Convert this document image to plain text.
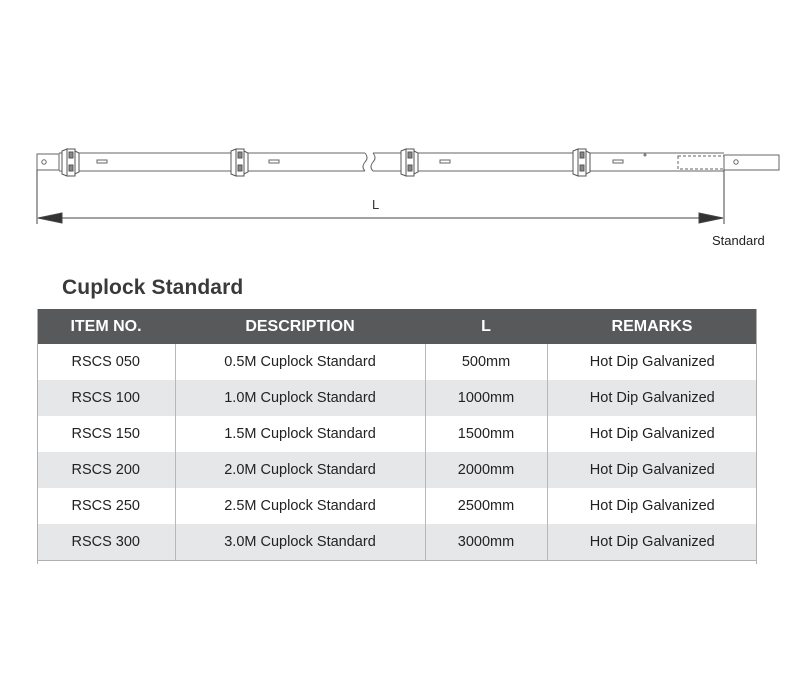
L
Standard
Cuplock Standard
ITEM NO.	DESCRIPTION	L	REMARKS
RSCS 050	0.5M Cuplock Standard	500mm	Hot Dip Galvanized
RSCS 100	1.0M Cuplock Standard	1000mm	Hot Dip Galvanized
RSCS 150	1.5M Cuplock Standard	1500mm	Hot Dip Galvanized
RSCS 200	2.0M Cuplock Standard	2000mm	Hot Dip Galvanized
RSCS 250	2.5M Cuplock Standard	2500mm	Hot Dip Galvanized
RSCS 300	3.0M Cuplock Standard	3000mm	Hot Dip Galvanized
